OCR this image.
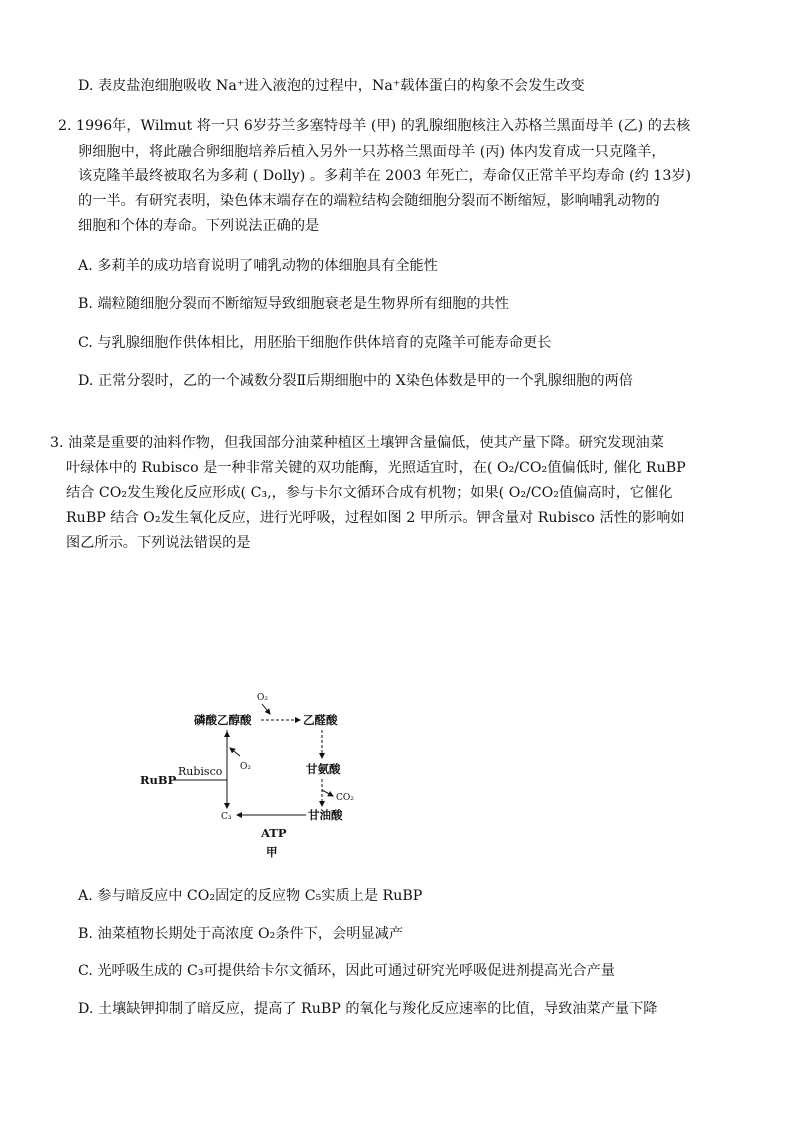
D. 表皮盐泡细胞吸收 Na⁺进入液泡的过程中，Na⁺载体蛋白的构象不会发生改变
2. 1996年，Wilmut 将一只 6岁芬兰多塞特母羊 (甲) 的乳腺细胞核注入苏格兰黑面母羊 (乙) 的去核
卵细胞中，将此融合卵细胞培养后植入另外一只苏格兰黑面母羊 (丙) 体内发育成一只克隆羊，
该克隆羊最终被取名为多莉 ( Dolly) 。多莉羊在 2003 年死亡，寿命仅正常羊平均寿命 (约 13岁)
的一半。有研究表明，染色体末端存在的端粒结构会随细胞分裂而不断缩短，影响哺乳动物的
细胞和个体的寿命。下列说法正确的是
A. 多莉羊的成功培育说明了哺乳动物的体细胞具有全能性
B. 端粒随细胞分裂而不断缩短导致细胞衰老是生物界所有细胞的共性
C. 与乳腺细胞作供体相比，用胚胎干细胞作供体培育的克隆羊可能寿命更长
D. 正常分裂时，乙的一个减数分裂Ⅱ后期细胞中的 X染色体数是甲的一个乳腺细胞的两倍
3. 油菜是重要的油料作物，但我国部分油菜种植区土壤钾含量偏低，使其产量下降。研究发现油菜
叶绿体中的 Rubisco 是一种非常关键的双功能酶，光照适宜时，在( O₂/CO₂值偏低时, 催化 RuBP
结合 CO₂发生羧化反应形成( C₃,，参与卡尔文循环合成有机物；如果( O₂/CO₂值偏高时，它催化
RuBP 结合 O₂发生氧化反应，进行光呼吸，过程如图 2 甲所示。钾含量对 Rubisco 活性的影响如
图乙所示。下列说法错误的是
O₂
磷酸乙醇酸	乙醛酸
甘氨酸
CO₂
甘油酸
C₃
ATP
甲
O₂
Rubisco
RuBP
A. 参与暗反应中 CO₂固定的反应物 C₅实质上是 RuBP
B. 油菜植物长期处于高浓度 O₂条件下，会明显减产
C. 光呼吸生成的 C₃可提供给卡尔文循环，因此可通过研究光呼吸促进剂提高光合产量
D. 土壤缺钾抑制了暗反应，提高了 RuBP 的氧化与羧化反应速率的比值，导致油菜产量下降
